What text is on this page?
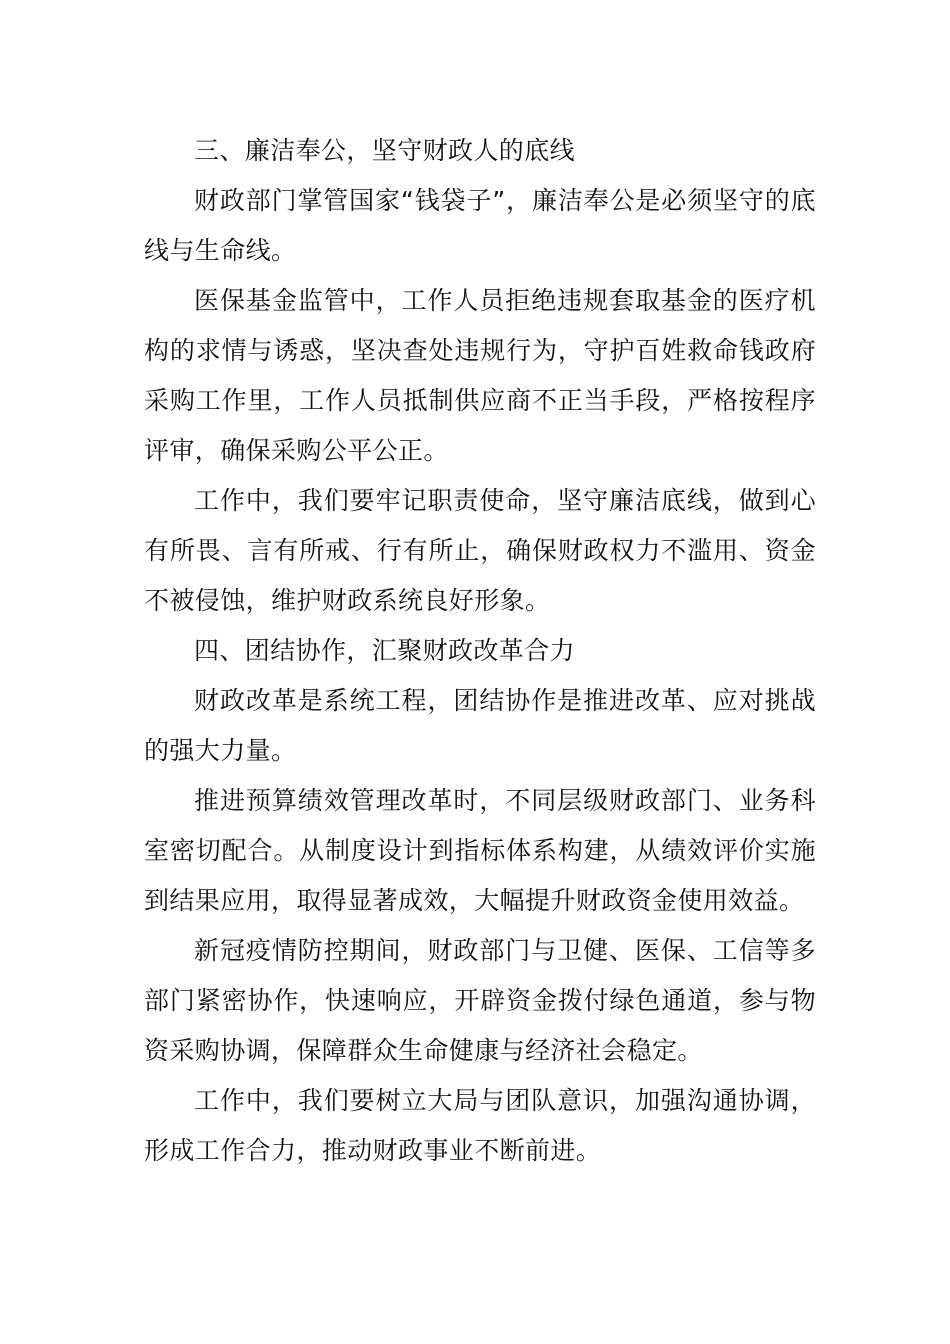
三、廉洁奉公，坚守财政人的底线

财政部门掌管国家“钱袋子”，廉洁奉公是必须坚守的底线与生命线。

医保基金监管中，工作人员拒绝违规套取基金的医疗机构的求情与诱惑，坚决查处违规行为，守护百姓救命钱政府采购工作里，工作人员抵制供应商不正当手段，严格按程序评审，确保采购公平公正。

工作中，我们要牢记职责使命，坚守廉洁底线，做到心有所畏、言有所戒、行有所止，确保财政权力不滥用、资金不被侵蚀，维护财政系统良好形象。

四、团结协作，汇聚财政改革合力

财政改革是系统工程，团结协作是推进改革、应对挑战的强大力量。

推进预算绩效管理改革时，不同层级财政部门、业务科室密切配合。从制度设计到指标体系构建，从绩效评价实施到结果应用，取得显著成效，大幅提升财政资金使用效益。

新冠疫情防控期间，财政部门与卫健、医保、工信等多部门紧密协作，快速响应，开辟资金拨付绿色通道，参与物资采购协调，保障群众生命健康与经济社会稳定。

工作中，我们要树立大局与团队意识，加强沟通协调，形成工作合力，推动财政事业不断前进。
